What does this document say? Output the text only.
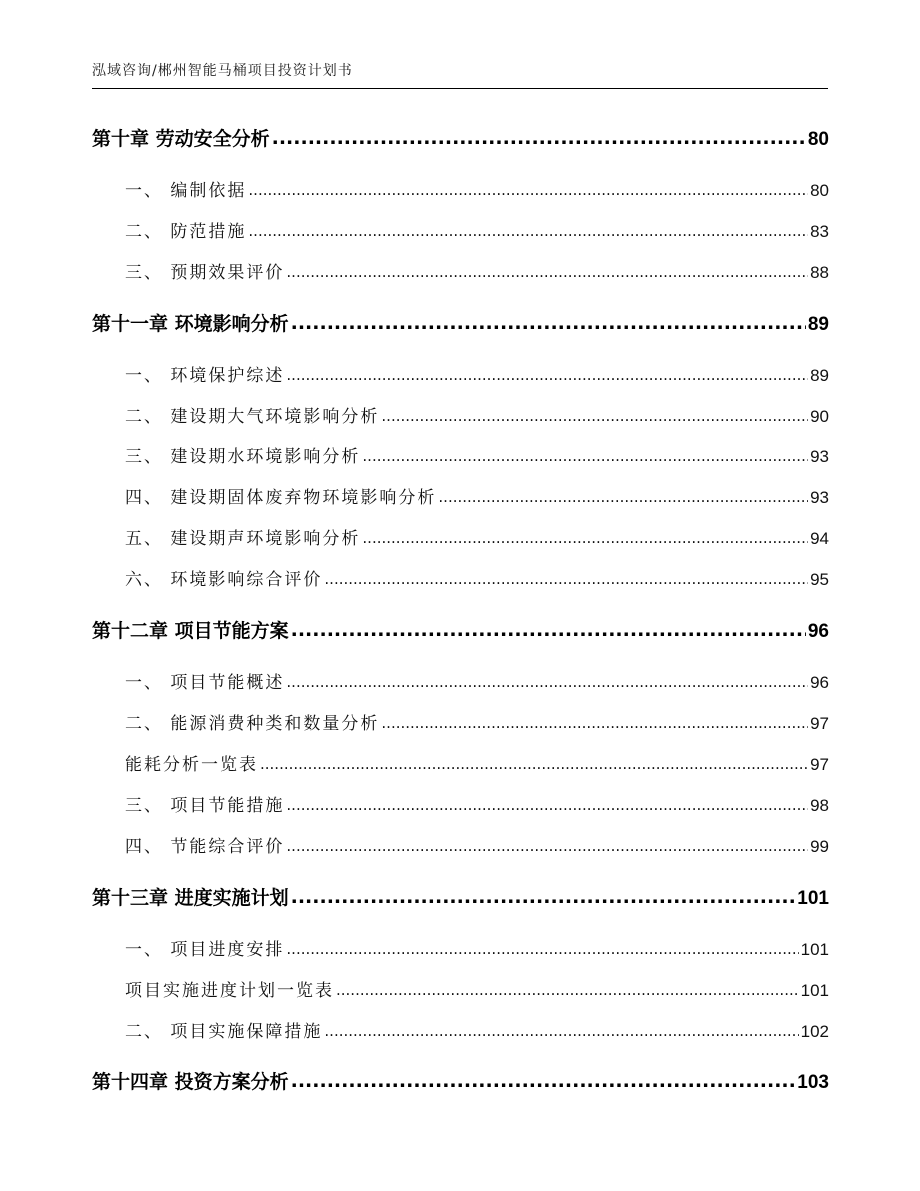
泓域咨询/郴州智能马桶项目投资计划书
第十章 劳动安全分析 .....	80
一、 编制依据 .....	80
二、 防范措施 .....	83
三、 预期效果评价 .....	88
第十一章 环境影响分析 .....	89
一、 环境保护综述 .....	89
二、 建设期大气环境影响分析 .....	90
三、 建设期水环境影响分析 .....	93
四、 建设期固体废弃物环境影响分析 .....	93
五、 建设期声环境影响分析 .....	94
六、 环境影响综合评价 .....	95
第十二章 项目节能方案 .....	96
一、 项目节能概述 .....	96
二、 能源消费种类和数量分析 .....	97
能耗分析一览表 .....	97
三、 项目节能措施 .....	98
四、 节能综合评价 .....	99
第十三章 进度实施计划 .....	101
一、 项目进度安排 .....	101
项目实施进度计划一览表 .....	101
二、 项目实施保障措施 .....	102
第十四章 投资方案分析 .....	103
